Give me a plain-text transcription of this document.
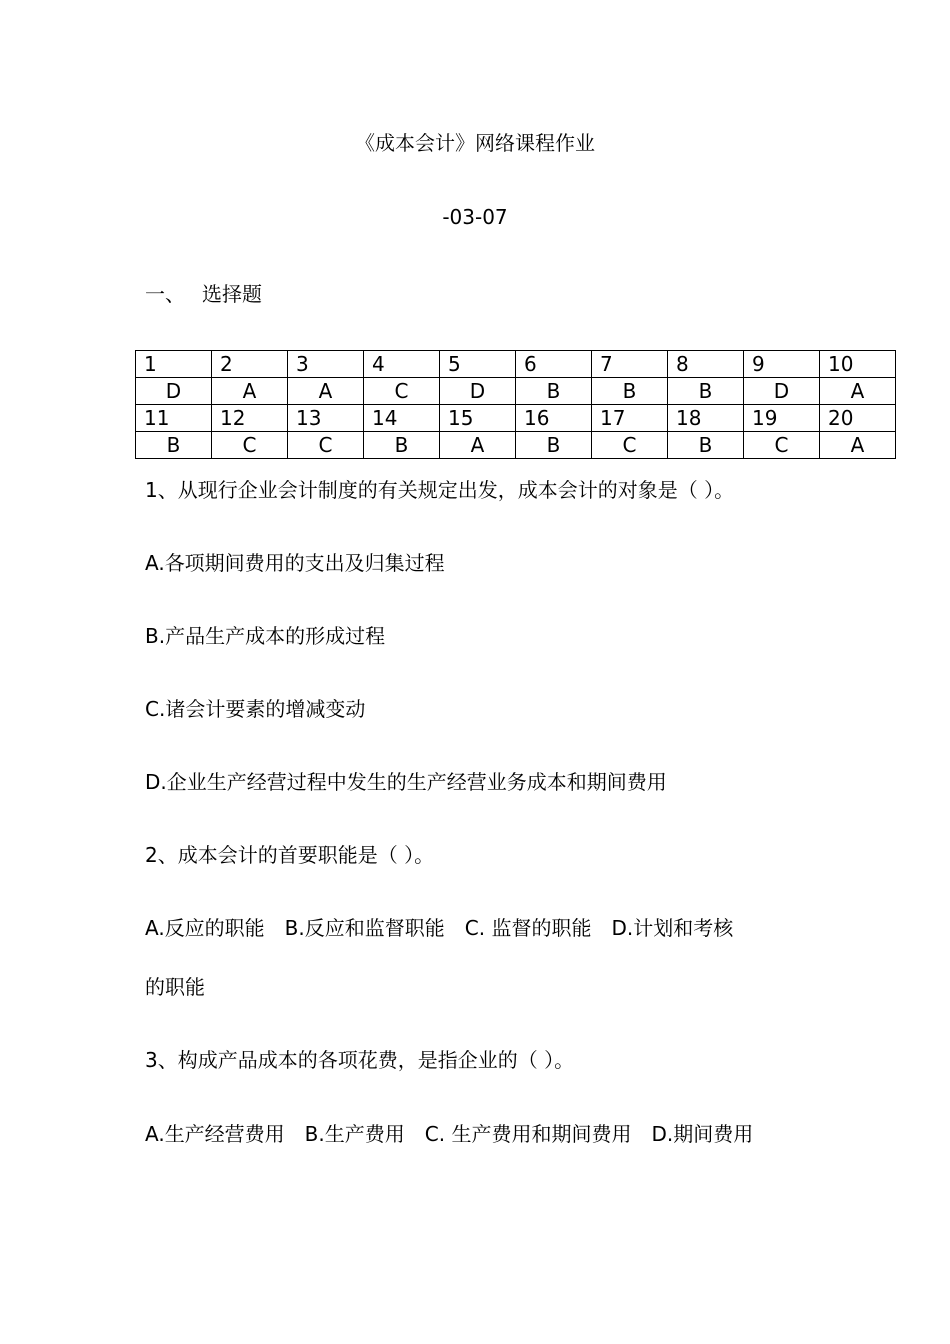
《成本会计》网络课程作业
-03-07
一、 选择题
1	2	3	4	5	6	7	8	9	10
D	A	A	C	D	B	B	B	D	A
11	12	13	14	15	16	17	18	19	20
B	C	C	B	A	B	C	B	C	A
1、从现行企业会计制度的有关规定出发，成本会计的对象是（ ）。
A.各项期间费用的支出及归集过程
B.产品生产成本的形成过程
C.诸会计要素的增减变动
D.企业生产经营过程中发生的生产经营业务成本和期间费用
2、成本会计的首要职能是（ ）。
A.反应的职能　B.反应和监督职能　C. 监督的职能　D.计划和考核
的职能
3、构成产品成本的各项花费，是指企业的（ ）。
A.生产经营费用　B.生产费用　C. 生产费用和期间费用　D.期间费用
